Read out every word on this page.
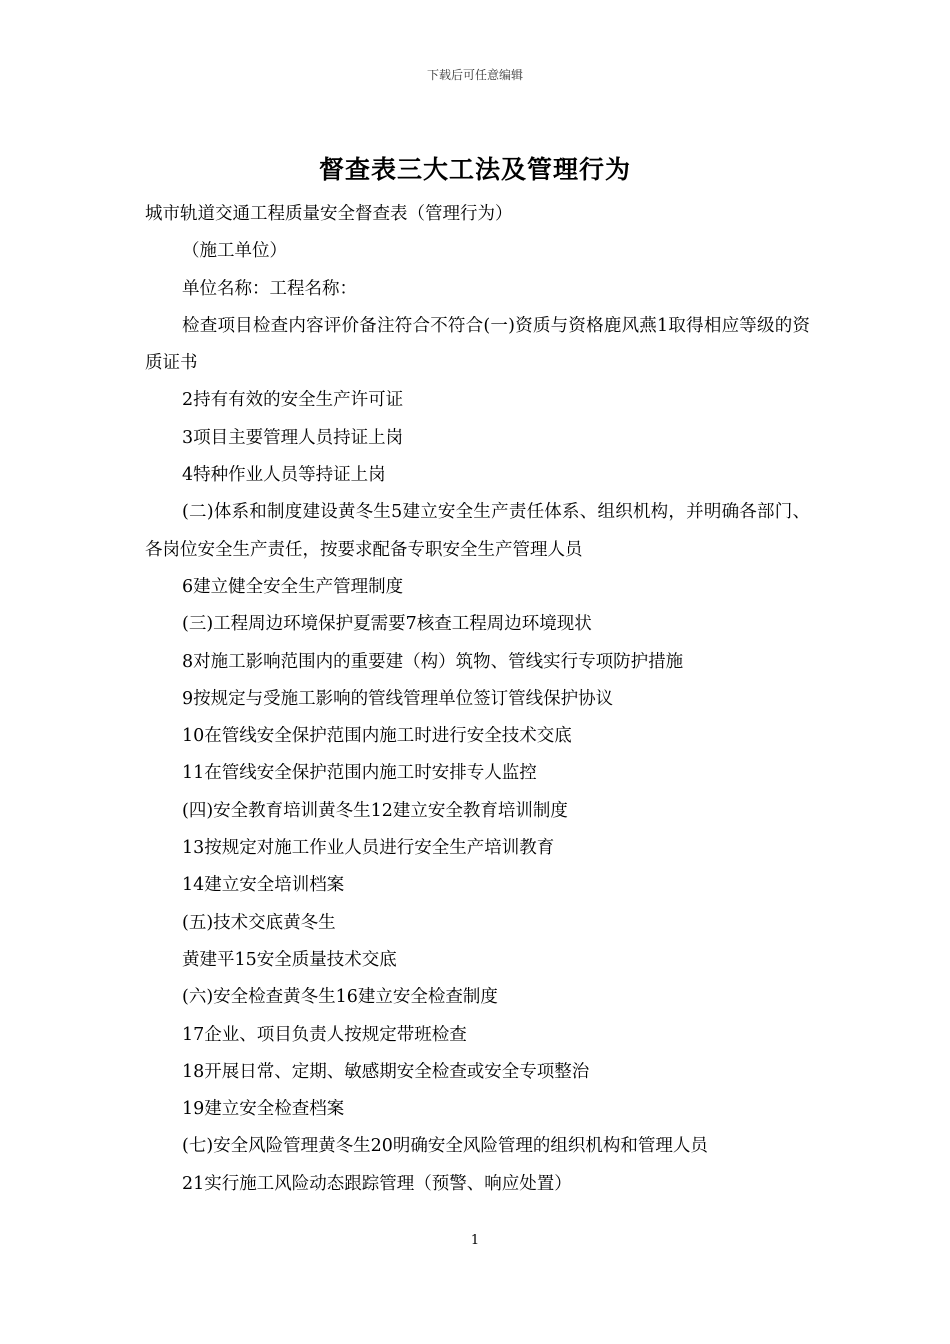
下载后可任意编辑
督查表三大工法及管理行为

城市轨道交通工程质量安全督查表（管理行为）

（施工单位）

单位名称：工程名称：

检查项目检查内容评价备注符合不符合(一)资质与资格鹿风燕1取得相应等级的资质证书

2持有有效的安全生产许可证

3项目主要管理人员持证上岗

4特种作业人员等持证上岗

(二)体系和制度建设黄冬生5建立安全生产责任体系、组织机构，并明确各部门、各岗位安全生产责任，按要求配备专职安全生产管理人员

6建立健全安全生产管理制度

(三)工程周边环境保护夏需要7核查工程周边环境现状

8对施工影响范围内的重要建（构）筑物、管线实行专项防护措施

9按规定与受施工影响的管线管理单位签订管线保护协议

10在管线安全保护范围内施工时进行安全技术交底

11在管线安全保护范围内施工时安排专人监控

(四)安全教育培训黄冬生12建立安全教育培训制度

13按规定对施工作业人员进行安全生产培训教育

14建立安全培训档案

(五)技术交底黄冬生

黄建平15安全质量技术交底

(六)安全检查黄冬生16建立安全检查制度

17企业、项目负责人按规定带班检查

18开展日常、定期、敏感期安全检查或安全专项整治

19建立安全检查档案

(七)安全风险管理黄冬生20明确安全风险管理的组织机构和管理人员

21实行施工风险动态跟踪管理（预警、响应处置）

1
